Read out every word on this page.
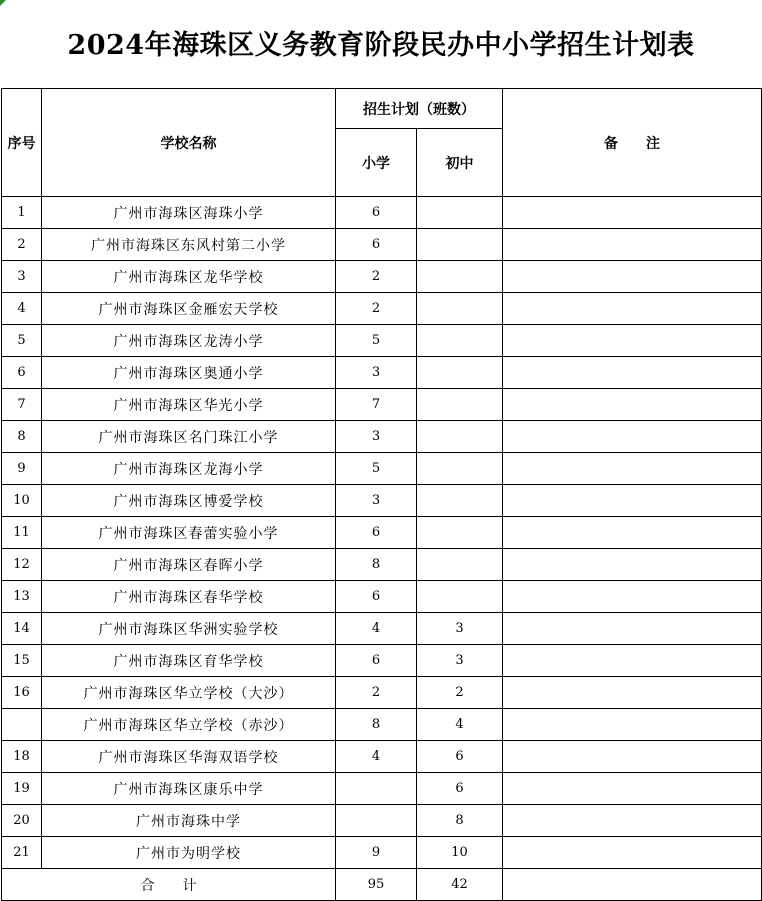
2024年海珠区义务教育阶段民办中小学招生计划表
序号	学校名称	招生计划（班数）		备　　注
		小学	初中	
1	广州市海珠区海珠小学	6		
2	广州市海珠区东风村第二小学	6		
3	广州市海珠区龙华学校	2		
4	广州市海珠区金雁宏天学校	2		
5	广州市海珠区龙涛小学	5		
6	广州市海珠区奥通小学	3		
7	广州市海珠区华光小学	7		
8	广州市海珠区名门珠江小学	3		
9	广州市海珠区龙海小学	5		
10	广州市海珠区博爱学校	3		
11	广州市海珠区春蕾实验小学	6		
12	广州市海珠区春晖小学	8		
13	广州市海珠区春华学校	6		
14	广州市海珠区华洲实验学校	4	3	
15	广州市海珠区育华学校	6	3	
16	广州市海珠区华立学校（大沙）	2	2	
	广州市海珠区华立学校（赤沙）	8	4	
18	广州市海珠区华海双语学校	4	6	
19	广州市海珠区康乐中学		6	
20	广州市海珠中学		8	
21	广州市为明学校	9	10	
合　　计		95	42	
